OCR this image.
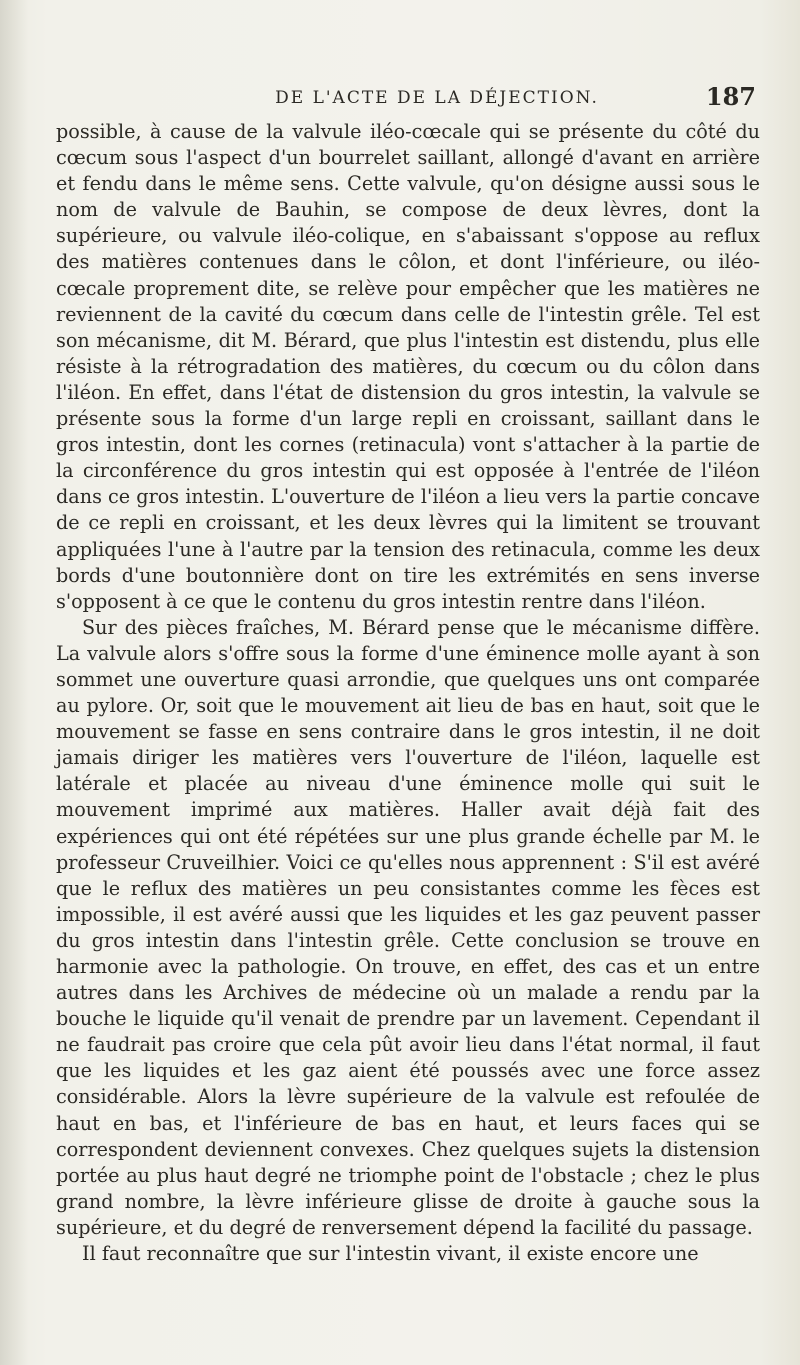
DE L'ACTE DE LA DÉJECTION.	187

possible, à cause de la valvule iléo-cœcale qui se présente du côté du cœcum sous l'aspect d'un bourrelet saillant, allongé d'avant en arrière et fendu dans le même sens. Cette valvule, qu'on désigne aussi sous le nom de valvule de Bauhin, se compose de deux lèvres, dont la supérieure, ou valvule iléo-colique, en s'abaissant s'oppose au reflux des matières contenues dans le côlon, et dont l'inférieure, ou iléo-cœcale proprement dite, se relève pour empêcher que les matières ne reviennent de la cavité du cœcum dans celle de l'intestin grêle. Tel est son mécanisme, dit M. Bérard, que plus l'intestin est distendu, plus elle résiste à la rétrogradation des matières, du cœcum ou du côlon dans l'iléon. En effet, dans l'état de distension du gros intestin, la valvule se présente sous la forme d'un large repli en croissant, saillant dans le gros intestin, dont les cornes (retinacula) vont s'attacher à la partie de la circonférence du gros intestin qui est opposée à l'entrée de l'iléon dans ce gros intestin. L'ouverture de l'iléon a lieu vers la partie concave de ce repli en croissant, et les deux lèvres qui la limitent se trouvant appliquées l'une à l'autre par la tension des retinacula, comme les deux bords d'une boutonnière dont on tire les extrémités en sens inverse s'opposent à ce que le contenu du gros intestin rentre dans l'iléon.

Sur des pièces fraîches, M. Bérard pense que le mécanisme diffère. La valvule alors s'offre sous la forme d'une éminence molle ayant à son sommet une ouverture quasi arrondie, que quelques uns ont comparée au pylore. Or, soit que le mouvement ait lieu de bas en haut, soit que le mouvement se fasse en sens contraire dans le gros intestin, il ne doit jamais diriger les matières vers l'ouverture de l'iléon, laquelle est latérale et placée au niveau d'une éminence molle qui suit le mouvement imprimé aux matières. Haller avait déjà fait des expériences qui ont été répétées sur une plus grande échelle par M. le professeur Cruveilhier. Voici ce qu'elles nous apprennent : S'il est avéré que le reflux des matières un peu consistantes comme les fèces est impossible, il est avéré aussi que les liquides et les gaz peuvent passer du gros intestin dans l'intestin grêle. Cette conclusion se trouve en harmonie avec la pathologie. On trouve, en effet, des cas et un entre autres dans les Archives de médecine où un malade a rendu par la bouche le liquide qu'il venait de prendre par un lavement. Cependant il ne faudrait pas croire que cela pût avoir lieu dans l'état normal, il faut que les liquides et les gaz aient été poussés avec une force assez considérable. Alors la lèvre supérieure de la valvule est refoulée de haut en bas, et l'inférieure de bas en haut, et leurs faces qui se correspondent deviennent convexes. Chez quelques sujets la distension portée au plus haut degré ne triomphe point de l'obstacle ; chez le plus grand nombre, la lèvre inférieure glisse de droite à gauche sous la supérieure, et du degré de renversement dépend la facilité du passage.

Il faut reconnaître que sur l'intestin vivant, il existe encore une
